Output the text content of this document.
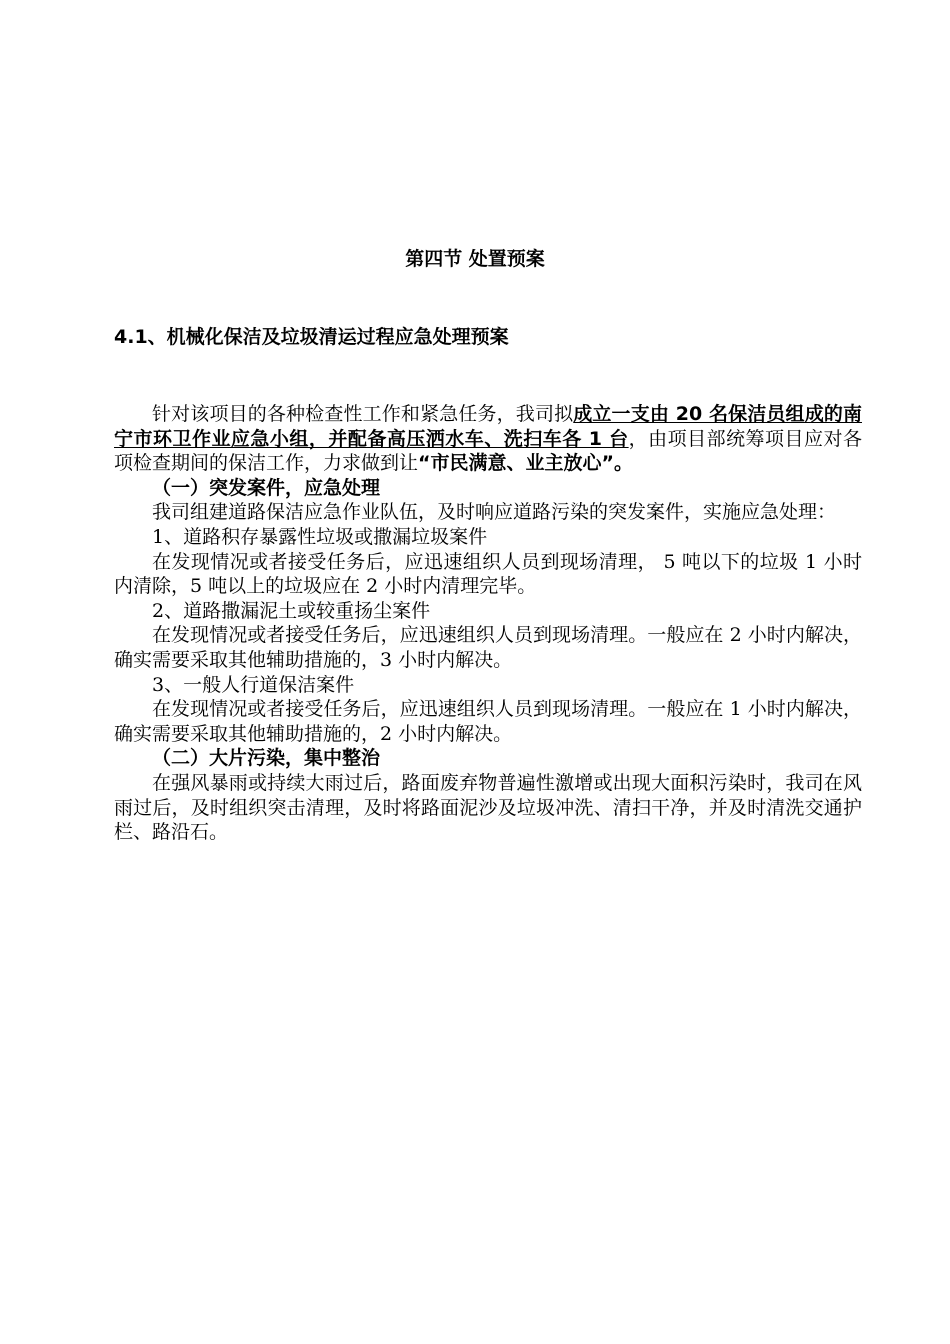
第四节 处置预案
4.1、机械化保洁及垃圾清运过程应急处理预案

针对该项目的各种检查性工作和紧急任务，我司拟成立一支由 20 名保洁员组成的南宁市环卫作业应急小组，并配备高压洒水车、洗扫车各 1 台，由项目部统筹项目应对各项检查期间的保洁工作，力求做到让“市民满意、业主放心”。

（一）突发案件，应急处理

我司组建道路保洁应急作业队伍，及时响应道路污染的突发案件，实施应急处理：

1、道路积存暴露性垃圾或撒漏垃圾案件

在发现情况或者接受任务后，应迅速组织人员到现场清理， 5 吨以下的垃圾 1 小时内清除，5 吨以上的垃圾应在 2 小时内清理完毕。

2、道路撒漏泥土或较重扬尘案件

在发现情况或者接受任务后，应迅速组织人员到现场清理。一般应在 2 小时内解决，确实需要采取其他辅助措施的，3 小时内解决。

3、一般人行道保洁案件

在发现情况或者接受任务后，应迅速组织人员到现场清理。一般应在 1 小时内解决，确实需要采取其他辅助措施的，2 小时内解决。

（二）大片污染，集中整治

在强风暴雨或持续大雨过后，路面废弃物普遍性激增或出现大面积污染时，我司在风雨过后，及时组织突击清理，及时将路面泥沙及垃圾冲洗、清扫干净，并及时清洗交通护栏、路沿石。
